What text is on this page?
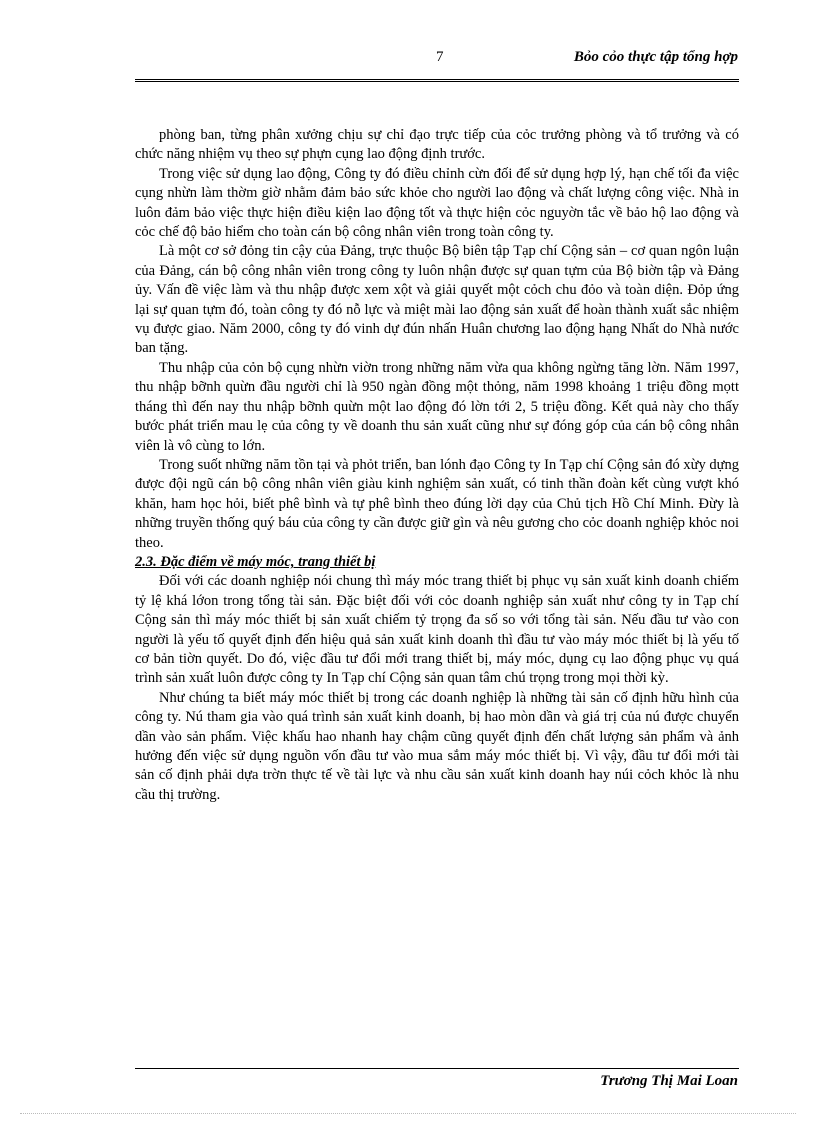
7	Bỏo cỏo thực tập tổng hợp

phòng ban, từng phân xưởng chịu sự chỉ đạo trực tiếp của cỏc trưởng phòng và tổ trưởng và có chức năng nhiệm vụ theo sự phựn cụng lao động định trước.

Trong việc sử dụng lao động, Công ty đó điều chỉnh cừn đối để sử dụng hợp lý, hạn chế tối đa việc cụng nhừn làm thờm giờ nhằm đảm bảo sức khỏe cho người lao động và chất lượng công việc. Nhà in luôn đảm bảo việc thực hiện điều kiện lao động tốt và thực hiện cỏc nguyờn tắc về bảo hộ lao động và cỏc chế độ bảo hiểm cho toàn cán bộ công nhân viên trong toàn công ty.

Là một cơ sở đỏng tin cậy của Đảng, trực thuộc Bộ biên tập Tạp chí Cộng sản – cơ quan ngôn luận của Đảng, cán bộ công nhân viên trong công ty luôn nhận được sự quan tựm của Bộ biờn tập và Đảng ủy. Vấn đề việc làm và thu nhập được xem xột và giải quyết một cỏch chu đỏo và toàn diện. Đỏp ứng lại sự quan tựm đó, toàn công ty đó nỗ lực và miệt mài lao động sản xuất để hoàn thành xuất sắc nhiệm vụ được giao. Năm 2000, công ty đó vinh dự đún nhấn Huân chương lao động hạng Nhất do Nhà nước ban tặng.

Thu nhập của cỏn bộ cụng nhừn viờn trong những năm vừa qua không ngừng tăng lờn. Năm 1997, thu nhập bỡnh quừn đầu người chỉ là 950 ngàn đồng một thỏng, năm 1998 khoảng 1 triệu đồng mọtt tháng thì đến nay thu nhập bỡnh quừn một lao động đó lờn tới 2, 5 triệu đồng. Kết quả này cho thấy bước phát triển mau lẹ của công ty về doanh thu sản xuất cũng như sự đóng góp của cán bộ công nhân viên là vô cùng to lớn.

Trong suốt những năm tồn tại và phỏt triển, ban lónh đạo Công ty In Tạp chí Cộng sản đó xừy dựng được đội ngũ cán bộ công nhân viên giàu kinh nghiệm sản xuất, có tinh thần đoàn kết cùng vượt khó khăn, ham học hỏi, biết phê bình và tự phê bình theo đúng lời dạy của Chủ tịch Hồ Chí Minh. Đừy là những truyền thống quý báu của công ty cần được giữ gìn và nêu gương cho cỏc doanh nghiệp khỏc noi theo.

2.3. Đặc điểm về máy móc, trang thiết bị

Đối với các doanh nghiệp nói chung thì máy móc trang thiết bị phục vụ sản xuất kinh doanh chiếm tỷ lệ khá lớon trong tổng tài sản. Đặc biệt đối với cỏc doanh nghiệp sản xuất như công ty in Tạp chí Cộng sản thì máy móc thiết bị sản xuất chiếm tỷ trọng đa số so với tổng tài sản. Nếu đầu tư vào con người là yếu tố quyết định đến hiệu quả sản xuất kinh doanh thì đầu tư vào máy móc thiết bị là yếu tố cơ bản tiờn quyết. Do đó, việc đầu tư đổi mới trang thiết bị, máy móc, dụng cụ lao động phục vụ quá trình sản xuất luôn được công ty In Tạp chí Cộng sản quan tâm chú trọng trong mọi thời kỳ.

Như chúng ta biết máy móc thiết bị trong các doanh nghiệp là những tài sản cố định hữu hình của công ty. Nú tham gia vào quá trình sản xuất kinh doanh, bị hao mòn dần và giá trị của nú được chuyển dần vào sản phẩm. Việc khấu hao nhanh hay chậm cũng quyết định đến chất lượng sản phẩm và ảnh hưởng đến việc sử dụng nguồn vốn đầu tư vào mua sắm máy móc thiết bị. Vì vậy, đầu tư đổi mới tài sản cố định phải dựa trờn thực tế về tài lực và nhu cầu sản xuất kinh doanh hay núi cỏch khỏc là nhu cầu thị trường.

Trương Thị Mai Loan
